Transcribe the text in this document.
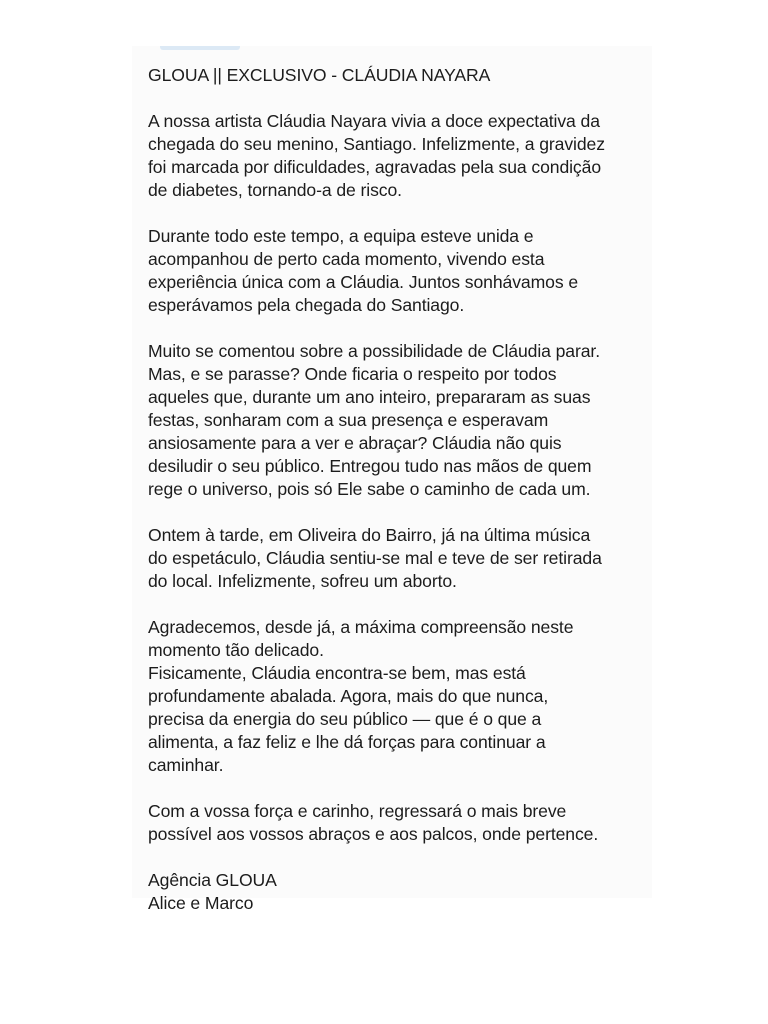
GLOUA || EXCLUSIVO - CLÁUDIA NAYARA
A nossa artista Cláudia Nayara vivia a doce expectativa da
chegada do seu menino, Santiago. Infelizmente, a gravidez
foi marcada por dificuldades, agravadas pela sua condição
de diabetes, tornando-a de risco.
Durante todo este tempo, a equipa esteve unida e
acompanhou de perto cada momento, vivendo esta
experiência única com a Cláudia. Juntos sonhávamos e
esperávamos pela chegada do Santiago.
Muito se comentou sobre a possibilidade de Cláudia parar.
Mas, e se parasse? Onde ficaria o respeito por todos
aqueles que, durante um ano inteiro, prepararam as suas
festas, sonharam com a sua presença e esperavam
ansiosamente para a ver e abraçar? Cláudia não quis
desiludir o seu público. Entregou tudo nas mãos de quem
rege o universo, pois só Ele sabe o caminho de cada um.
Ontem à tarde, em Oliveira do Bairro, já na última música
do espetáculo, Cláudia sentiu-se mal e teve de ser retirada
do local. Infelizmente, sofreu um aborto.
Agradecemos, desde já, a máxima compreensão neste
momento tão delicado.
Fisicamente, Cláudia encontra-se bem, mas está
profundamente abalada. Agora, mais do que nunca,
precisa da energia do seu público — que é o que a
alimenta, a faz feliz e lhe dá forças para continuar a
caminhar.
Com a vossa força e carinho, regressará o mais breve
possível aos vossos abraços e aos palcos, onde pertence.
Agência GLOUA
Alice e Marco
